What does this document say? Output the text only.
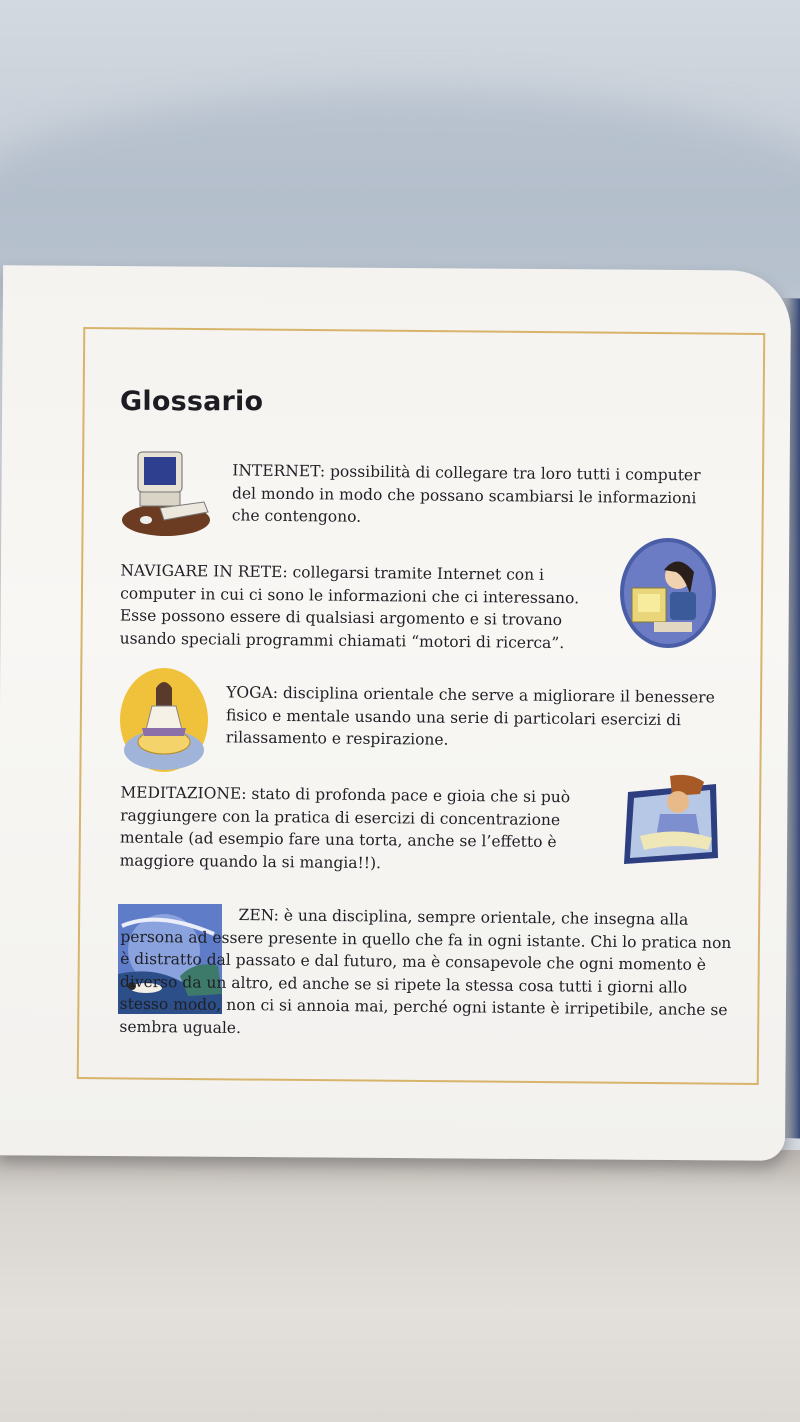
Glossario

INTERNET: possibilità di collegare tra loro tutti i computer del mondo in modo che possano scambiarsi le informazioni che contengono.

NAVIGARE IN RETE: collegarsi tramite Internet con i computer in cui ci sono le informazioni che ci interessano. Esse possono essere di qualsiasi argomento e si trovano usando speciali programmi chiamati “motori di ricerca”.

YOGA: disciplina orientale che serve a migliorare il benessere fisico e mentale usando una serie di particolari esercizi di rilassamento e respirazione.

MEDITAZIONE: stato di profonda pace e gioia che si può raggiungere con la pratica di esercizi di concentrazione mentale (ad esempio fare una torta, anche se l’effetto è maggiore quando la si mangia!!).

ZEN: è una disciplina, sempre orientale, che insegna alla persona ad essere presente in quello che fa in ogni istante. Chi lo pratica non è distratto dal passato e dal futuro, ma è consapevole che ogni momento è diverso da un altro, ed anche se si ripete la stessa cosa tutti i giorni allo stesso modo, non ci si annoia mai, perché ogni istante è irripetibile, anche se sembra uguale.
